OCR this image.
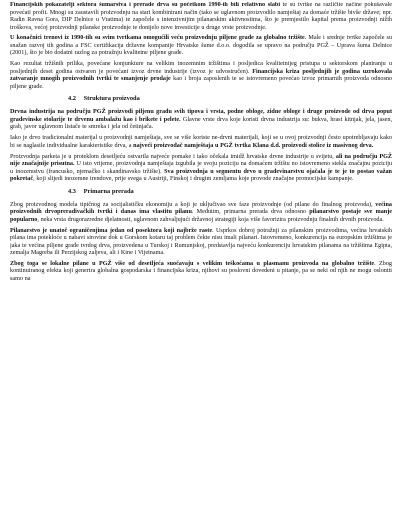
Financijskih pokazatelji sektora šumarstva i prerade drva su početkom 1990-ih bili relativno slabi te su tvrtke na različite načine pokušavale povećati profit. Mnogi su zaustavili proizvodnju na stari kombinirani način (tako se uglavnom proizvodilo namještaj za domaće tržište bivše države; npr. Radin Ravna Gora, DIP Delnice u Vratima) te započele s intenzivnijim pilanarskim aktivnostima, što je premjestilo kapital prema proizvodnji nižih troškova, većoj proizvodnji pilanske proizvodnje te donijelo nove investicije u druge vrste proizvodnje.

U konačnici trenovi iz 1990-tih su svim tvrtkama omogućili veću proizvodnju piljene građe za globalno tržište. Male i srednje tvrtke započele su snažan razvoj tih godina a FSC certifikacija državne kompanije Hrvatske šume d.o.o. dogodila se upravo na području PGŽ – Uprava šuma Delnice (2001), što je bio dodatni razlog za potražnju kvalitetne piljene građe.

Kao rezultat tržišnih prilika, povećane konjunkture na velikim inozemnim tržištima i posljedica kvalitetnijeg pristupa u sektorskom planiranju u posljednjih deset godina ostvaren je povećani izvoz drvne industrije (izvoz je udvostručen). Financijska kriza posljednjih je godina uzrokovala zatvaranje mnogih proizvodnih tvrtki te smanjenje prodaje kao i broja zaposlenih te se istovremeno povećao izvoz primarnih proizvoda odnosno piljene građe.

4.2 Struktura proizvoda

Drvna industrija na području PGŽ proizvodi piljenu građu svih tipova i vrsta, podne obloge, zidne obloge i druge proizvode od drva poput građevinske stolarije te drvenu ambalažu kao i brikete i pelete. Glavne vrste drva koje koristi drvna industrija su: bukva, hrast kitnjak, jela, jasen, grab, javor uglavnom listače te smreka i jela od četinjača.

Iako je drvo tradicionalni materijal u proizvodnji namještaja, sve se više koriste ne-drvni materijali, koji se u ovoj proizvodnji često upotrebljavaju kako bi se naglasile individualne karakteristike drva, a najveći proizvođač namještaja u PGŽ tvrtka Klana d.d. proizvodi stolice iz masivnog drva.

Proizvodnja parketa je u proteklom desetljeću ostvarila najveće pomake i tako očekala imidž hrvatske drvne industrije u svijetu, ali na području PGŽ nije značajnije prisutna. U isto vrijeme, proizvodnja namještaja izgubila je svoju poziciju na domaćem tržištu no istovremeno stekla značajnu poziciju u inozemstvu (francusko, njemačko i skandinavsko tržište). Sva proizvodnja u segmentu drvo u građevinarstvu ojačala je te je to postao važan pokretač, koji slijedi inozemne trendove, prije svega u Austriji, Finskoj i drugim zemljama koje provode značajne promocijske kampanje.

4.3 Primarna prerada

Zbog proizvodnog modela tipičnog za socijalističku ekonomiju a koji je uključivao sve faze proizvodnje (od pilane do finalnog proizvoda), većina proizvodnih drvopreradivačkih tvrtki i danas ima vlastitu pilanu. Međutim, primarna prerada drva odnosno pilanarstvo postaje sve manje popularno, neka vrsta drugorazredne djelatnosti, uglavnom zahvaljujući državnoj strategiji koja više favorizira proizvodnju finalnih drvnih proizvoda.

Pilanarstvo je unatoč ograničenjima jedan od posektora koji najbrže raste. Usprkos dobroj potražnji za pilanskim proizvodima, većina hrvatskih pilana ima potekloće u nabavi sirovine dok u Gorskom kotaru taj problem čekte nisu imali pilanari. Istovremeno, konkurencija na europskim tržištima je jaka te većina piljene građe tvrdog drva, proizvedena u Turskoj i Rumunjskoj, predstavlja najveću konkurenciju hrvatskim pilanama na tržištima Egipta, zemalja Magreba ili Perzijskog zaljeva, ali i Kine i Vijetnama.

Zbog toga se lokalne pilane u PGŽ više od desetljeća suočavaju s velikim teškoćama u plasmanu proizvoda na globalno tržište. Zbog kontinuiranog efekta koji generira globalna gospodarska i financijska kriza, njihovi su poslovni dovedeni u pitanje, pa se neki od njih ne mogu oslontti samo na
